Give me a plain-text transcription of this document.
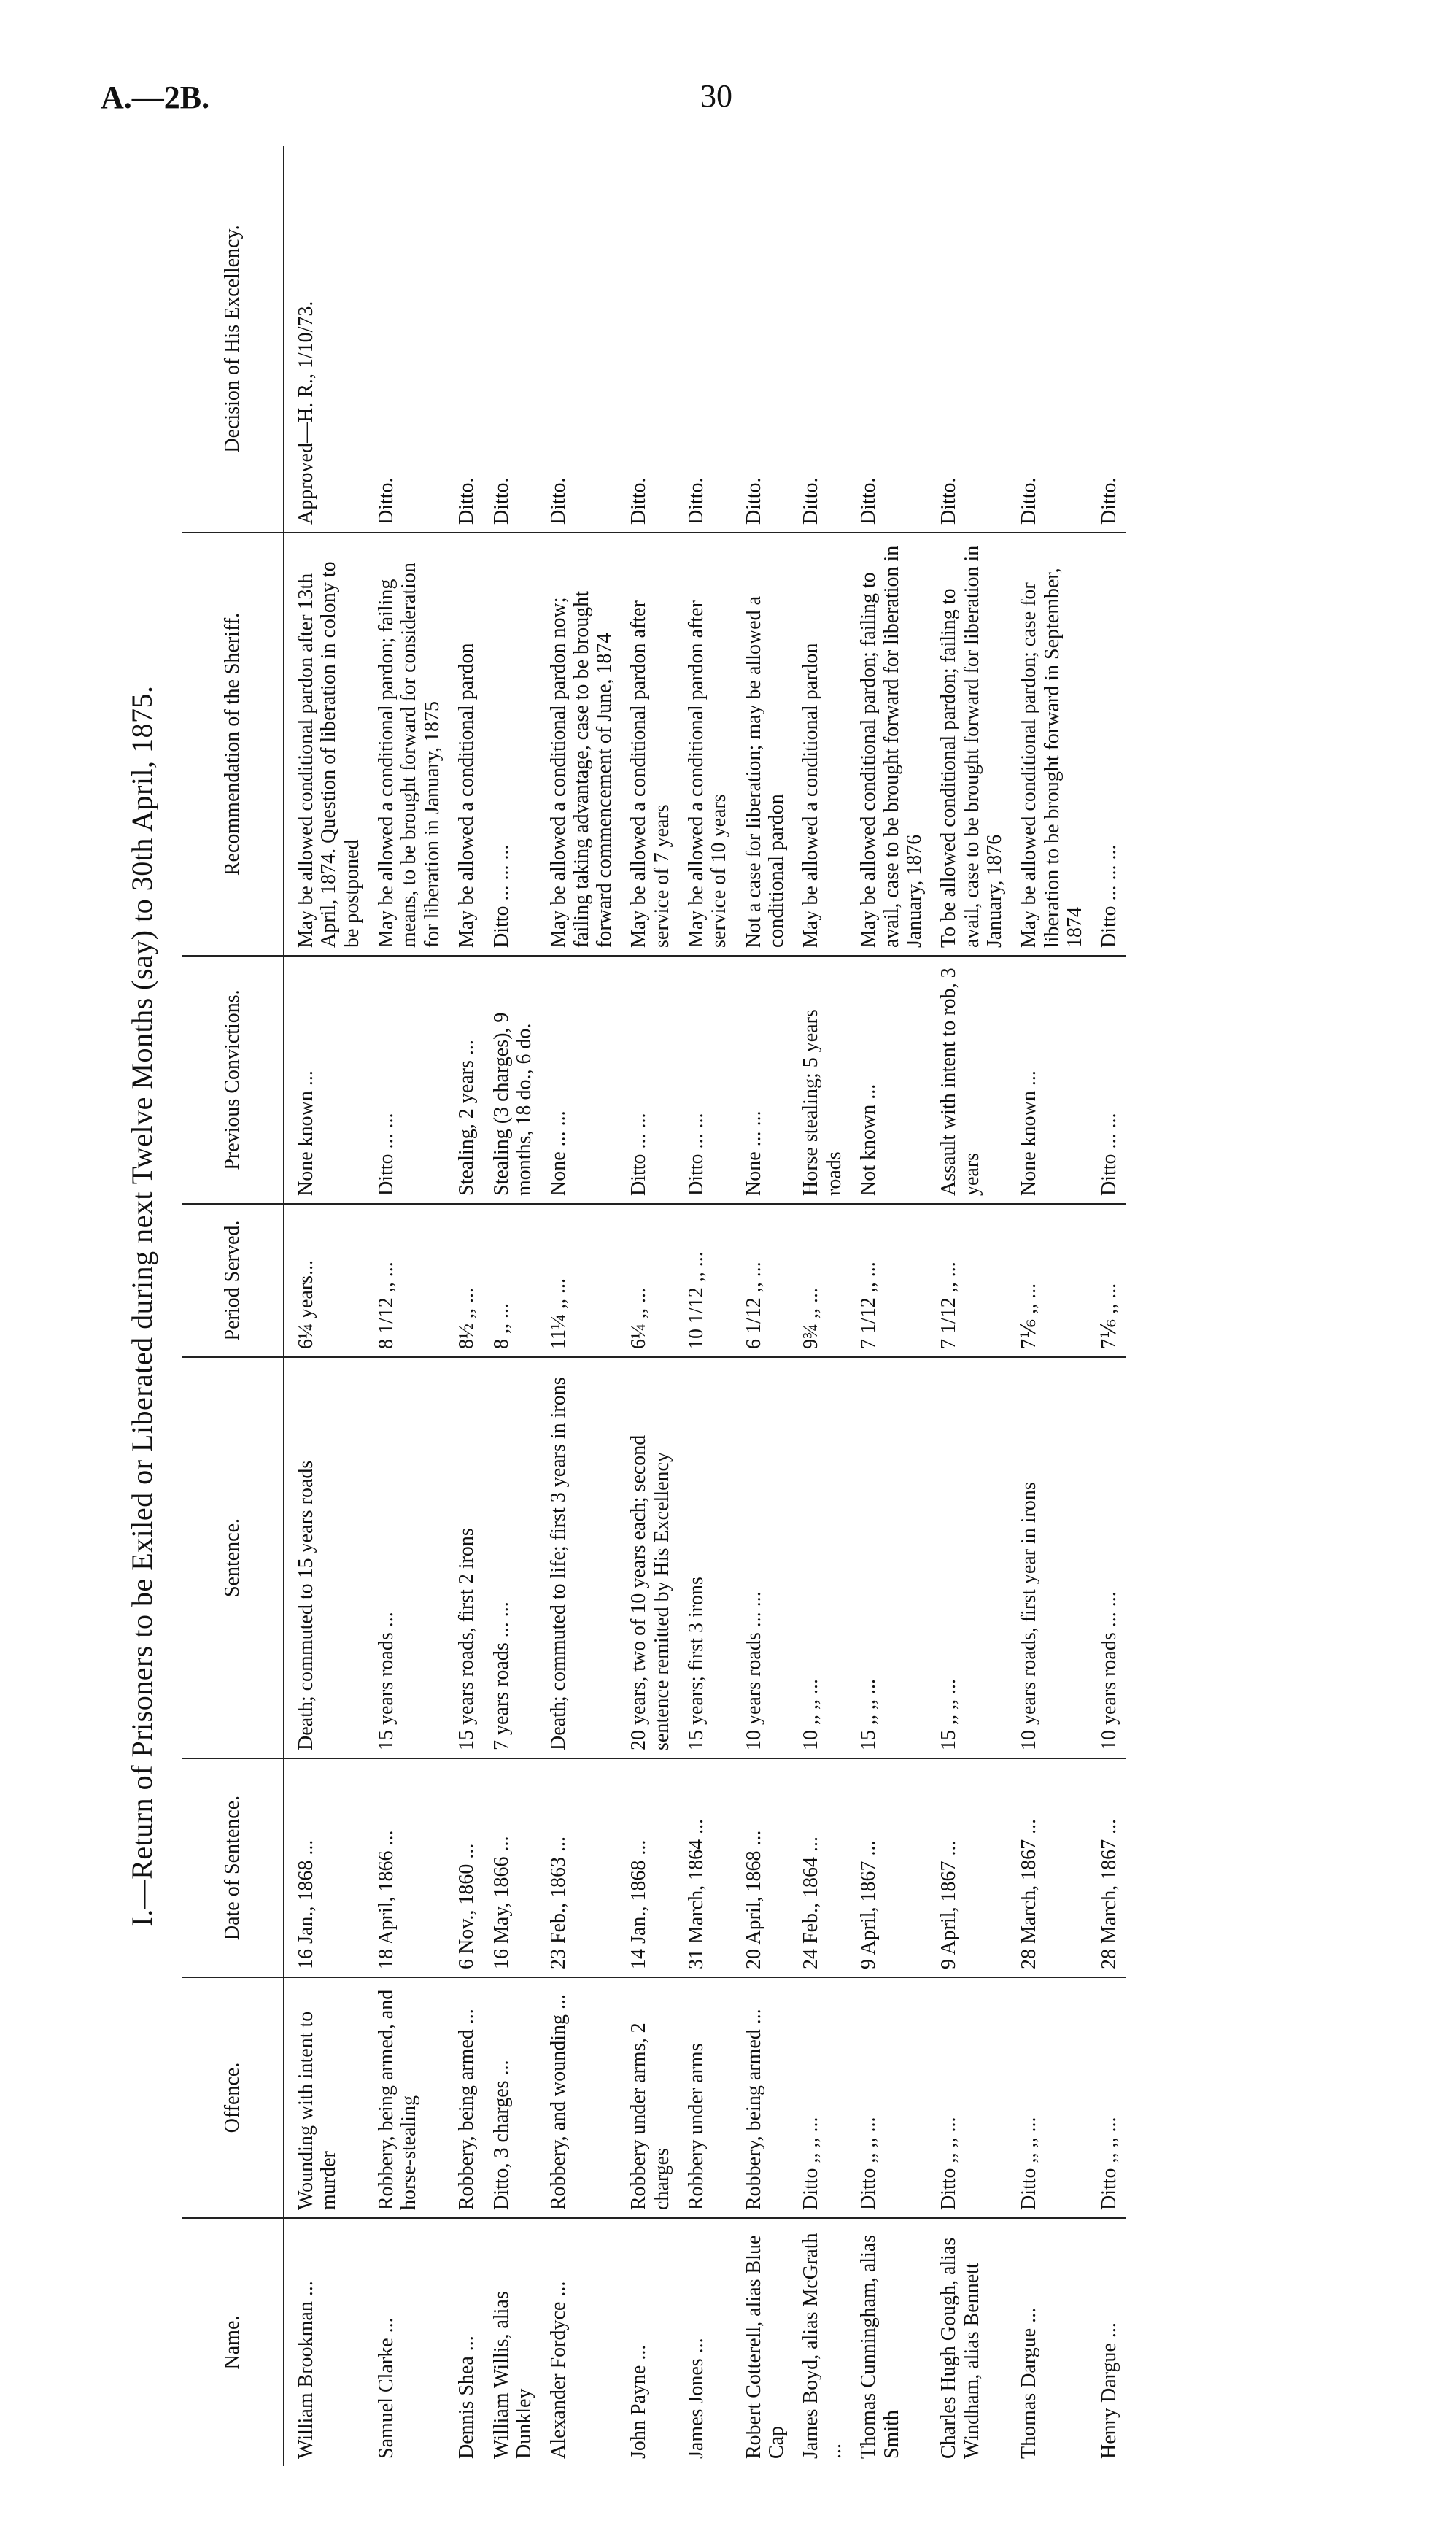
A.—2B.	30
I.—Return of Prisoners to be Exiled or Liberated during next Twelve Months (say) to 30th April, 1875.
Name.	Offence.	Date of Sentence.	Sentence.	Period Served.	Previous Convictions.	Recommendation of the Sheriff.	Decision of His Excellency.
William Brookman ...	Wounding with intent to murder	16 Jan., 1868 ...	Death; commuted to 15 years roads	6¼ years...	None known ...	May be allowed conditional pardon after 13th April, 1874. Question of liberation in colony to be postponed	Approved—H. R., 1/10/73.
Samuel Clarke ...	Robbery, being armed, and horse-stealing	18 April, 1866 ...	15 years roads ...	8 1/12 ,, ...	Ditto ... ...	May be allowed a conditional pardon; failing means, to be brought forward for consideration for liberation in January, 1875	Ditto.
Dennis Shea ...	Robbery, being armed ...	6 Nov., 1860 ...	15 years roads, first 2 irons	8½ ,, ...	Stealing, 2 years ...	May be allowed a conditional pardon	Ditto.
William Willis, alias Dunkley	Ditto, 3 charges ...	16 May, 1866 ...	7 years roads ... ...	8 ,, ...	Stealing (3 charges), 9 months, 18 do., 6 do.	Ditto ... ... ...	Ditto.
Alexander Fordyce ...	Robbery, and wounding ...	23 Feb., 1863 ...	Death; commuted to life; first 3 years in irons	11¼ ,, ...	None ... ...	May be allowed a conditional pardon now; failing taking advantage, case to be brought forward commencement of June, 1874	Ditto.
John Payne ...	Robbery under arms, 2 charges	14 Jan., 1868 ...	20 years, two of 10 years each; second sentence remitted by His Excellency	6¼ ,, ...	Ditto ... ...	May be allowed a conditional pardon after service of 7 years	Ditto.
James Jones ...	Robbery under arms	31 March, 1864 ...	15 years; first 3 irons	10 1/12 ,, ...	Ditto ... ...	May be allowed a conditional pardon after service of 10 years	Ditto.
Robert Cotterell, alias Blue Cap	Robbery, being armed ...	20 April, 1868 ...	10 years roads ... ...	6 1/12 ,, ...	None ... ...	Not a case for liberation; may be allowed a conditional pardon	Ditto.
James Boyd, alias McGrath ...	Ditto ,, ,, ...	24 Feb., 1864 ...	10 ,, ,, ...	9¾ ,, ...	Horse stealing; 5 years roads	May be allowed a conditional pardon	Ditto.
Thomas Cunningham, alias Smith	Ditto ,, ,, ...	9 April, 1867 ...	15 ,, ,, ...	7 1/12 ,, ...	Not known ...	May be allowed conditional pardon; failing to avail, case to be brought forward for liberation in January, 1876	Ditto.
Charles Hugh Gough, alias Windham, alias Bennett	Ditto ,, ,, ...	9 April, 1867 ...	15 ,, ,, ...	7 1/12 ,, ...	Assault with intent to rob, 3 years	To be allowed conditional pardon; failing to avail, case to be brought forward for liberation in January, 1876	Ditto.
Thomas Dargue ...	Ditto ,, ,, ...	28 March, 1867 ...	10 years roads, first year in irons	7⅙ ,, ...	None known ...	May be allowed conditional pardon; case for liberation to be brought forward in September, 1874	Ditto.
Henry Dargue ...	Ditto ,, ,, ...	28 March, 1867 ...	10 years roads ... ...	7⅙ ,, ...	Ditto ... ...	Ditto ... ... ...	Ditto.
